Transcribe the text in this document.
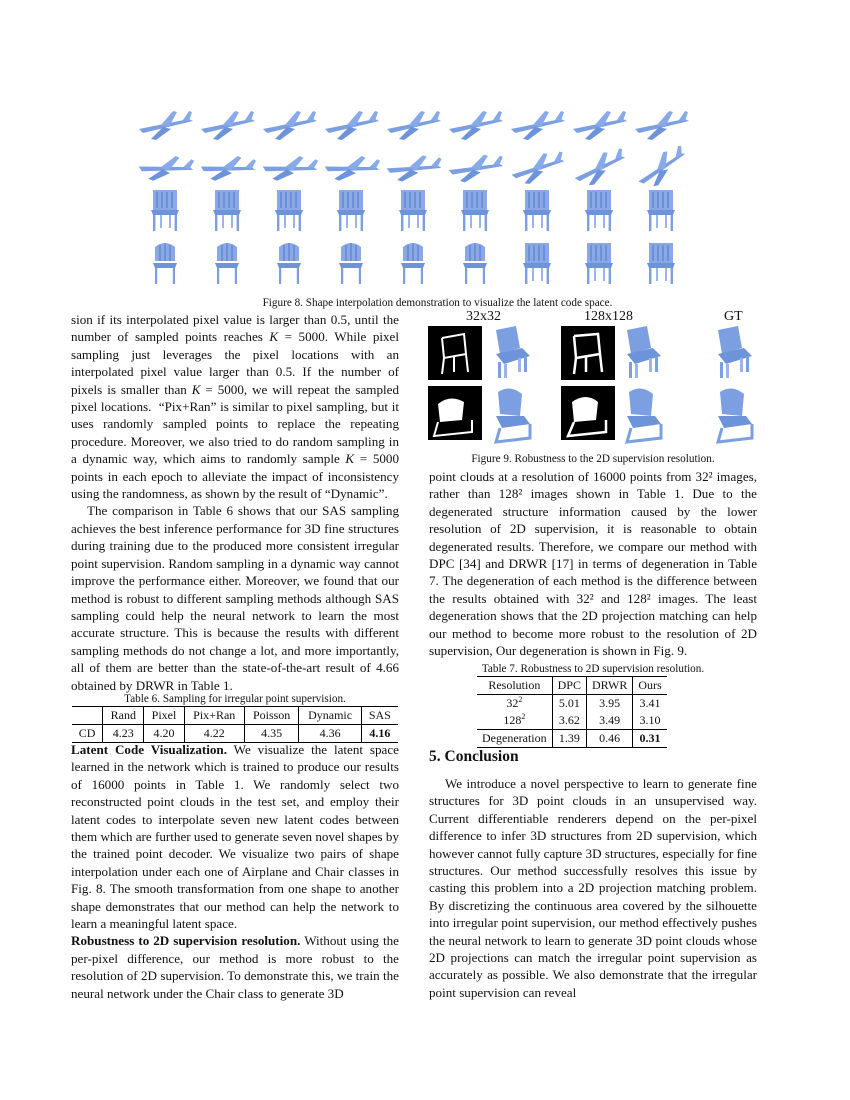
Figure 8. Shape interpolation demonstration to visualize the latent code space.

sion if its interpolated pixel value is larger than 0.5, until the number of sampled points reaches K = 5000. While pixel sampling just leverages the pixel locations with an interpolated pixel value larger than 0.5. If the number of pixels is smaller than K = 5000, we will repeat the sampled pixel locations.  “Pix+Ran” is similar to pixel sampling, but it uses randomly sampled points to replace the repeating procedure. Moreover, we also tried to do random sampling in a dynamic way, which aims to randomly sample K = 5000 points in each epoch to alleviate the impact of inconsistency using the randomness, as shown by the result of “Dynamic”.

The comparison in Table 6 shows that our SAS sampling achieves the best inference performance for 3D fine structures during training due to the produced more consistent irregular point supervision. Random sampling in a dynamic way cannot improve the performance either. Moreover, we found that our method is robust to different sampling methods although SAS sampling could help the neural network to learn the most accurate structure. This is because the results with different sampling methods do not change a lot, and more importantly, all of them are better than the state-of-the-art result of 4.66 obtained by DRWR in Table 1.

Table 6. Sampling for irregular point supervision.
	Rand	Pixel	Pix+Ran	Poisson	Dynamic	SAS
CD	4.23	4.20	4.22	4.35	4.36	4.16

Latent Code Visualization. We visualize the latent space learned in the network which is trained to produce our results of 16000 points in Table 1. We randomly select two reconstructed point clouds in the test set, and employ their latent codes to interpolate seven new latent codes between them which are further used to generate seven novel shapes by the trained point decoder. We visualize two pairs of shape interpolation under each one of Airplane and Chair classes in Fig. 8. The smooth transformation from one shape to another shape demonstrates that our method can help the network to learn a meaningful latent space.

Robustness to 2D supervision resolution. Without using the per-pixel difference, our method is more robust to the resolution of 2D supervision. To demonstrate this, we train the neural network under the Chair class to generate 3D

32x32	128x128	GT
Figure 9. Robustness to the 2D supervision resolution.

point clouds at a resolution of 16000 points from 32² images, rather than 128² images shown in Table 1. Due to the degenerated structure information caused by the lower resolution of 2D supervision, it is reasonable to obtain degenerated results. Therefore, we compare our method with DPC [34] and DRWR [17] in terms of degeneration in Table 7. The degeneration of each method is the difference between the results obtained with 32² and 128² images. The least degeneration shows that the 2D projection matching can help our method to become more robust to the resolution of 2D supervision, Our degeneration is shown in Fig. 9.

Table 7. Robustness to 2D supervision resolution.
Resolution	DPC	DRWR	Ours
$32^2$	5.01	3.95	3.41
$128^2$	3.62	3.49	3.10
Degeneration	1.39	0.46	0.31
5. Conclusion

We introduce a novel perspective to learn to generate fine structures for 3D point clouds in an unsupervised way. Current differentiable renderers depend on the per-pixel difference to infer 3D structures from 2D supervision, which however cannot fully capture 3D structures, especially for fine structures. Our method successfully resolves this issue by casting this problem into a 2D projection matching problem. By discretizing the continuous area covered by the silhouette into irregular point supervision, our method effectively pushes the neural network to learn to generate 3D point clouds whose 2D projections can match the irregular point supervision as accurately as possible. We also demonstrate that the irregular point supervision can reveal
